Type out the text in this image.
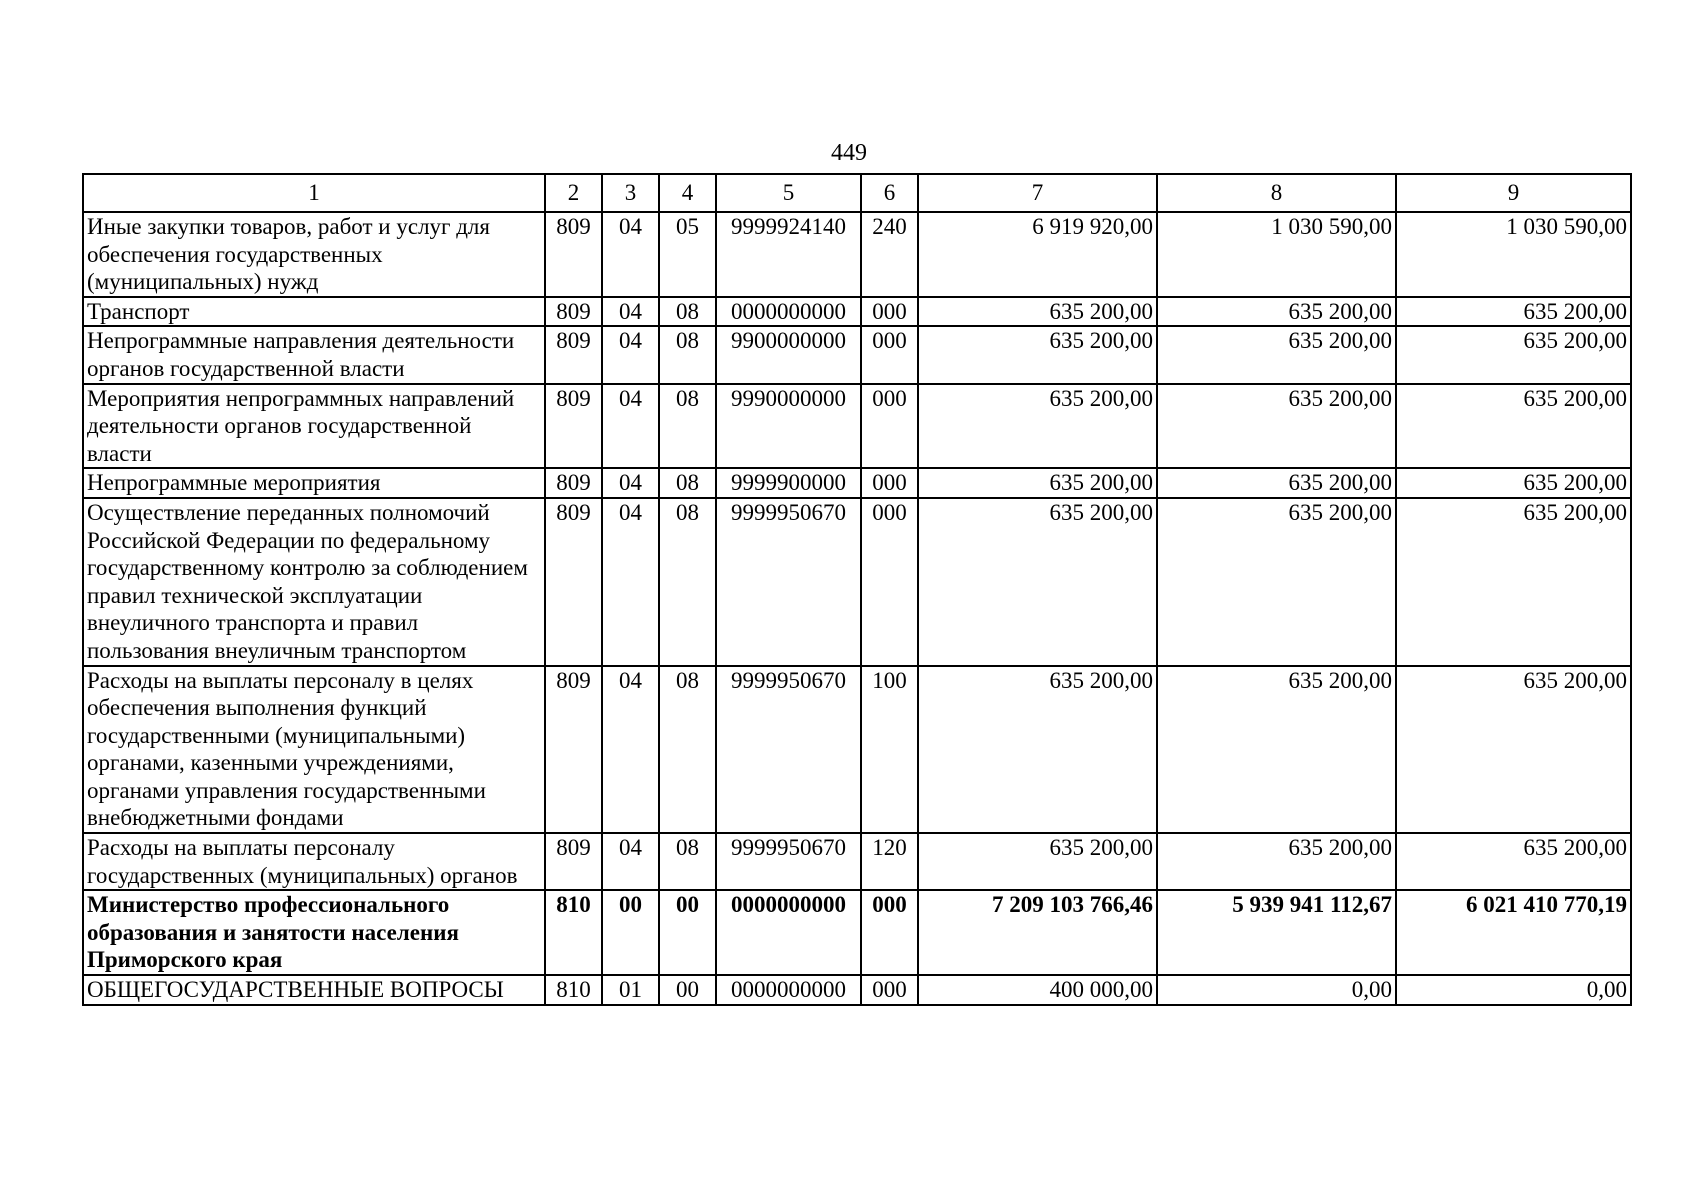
449
1	2	3	4	5	6	7	8	9
Иные закупки товаров, работ и услуг для обеспечения государственных (муниципальных) нужд	809	04	05	9999924140	240	6 919 920,00	1 030 590,00	1 030 590,00
Транспорт	809	04	08	0000000000	000	635 200,00	635 200,00	635 200,00
Непрограммные направления деятельности органов государственной власти	809	04	08	9900000000	000	635 200,00	635 200,00	635 200,00
Мероприятия непрограммных направлений деятельности органов государственной власти	809	04	08	9990000000	000	635 200,00	635 200,00	635 200,00
Непрограммные мероприятия	809	04	08	9999900000	000	635 200,00	635 200,00	635 200,00
Осуществление переданных полномочий Российской Федерации по федеральному государственному контролю за соблюдением правил технической эксплуатации внеуличного транспорта и правил пользования внеуличным транспортом	809	04	08	9999950670	000	635 200,00	635 200,00	635 200,00
Расходы на выплаты персоналу в целях обеспечения выполнения функций государственными (муниципальными) органами, казенными учреждениями, органами управления государственными внебюджетными фондами	809	04	08	9999950670	100	635 200,00	635 200,00	635 200,00
Расходы на выплаты персоналу государственных (муниципальных) органов	809	04	08	9999950670	120	635 200,00	635 200,00	635 200,00
Министерство профессионального образования и занятости населения Приморского края	810	00	00	0000000000	000	7 209 103 766,46	5 939 941 112,67	6 021 410 770,19
ОБЩЕГОСУДАРСТВЕННЫЕ ВОПРОСЫ	810	01	00	0000000000	000	400 000,00	0,00	0,00
